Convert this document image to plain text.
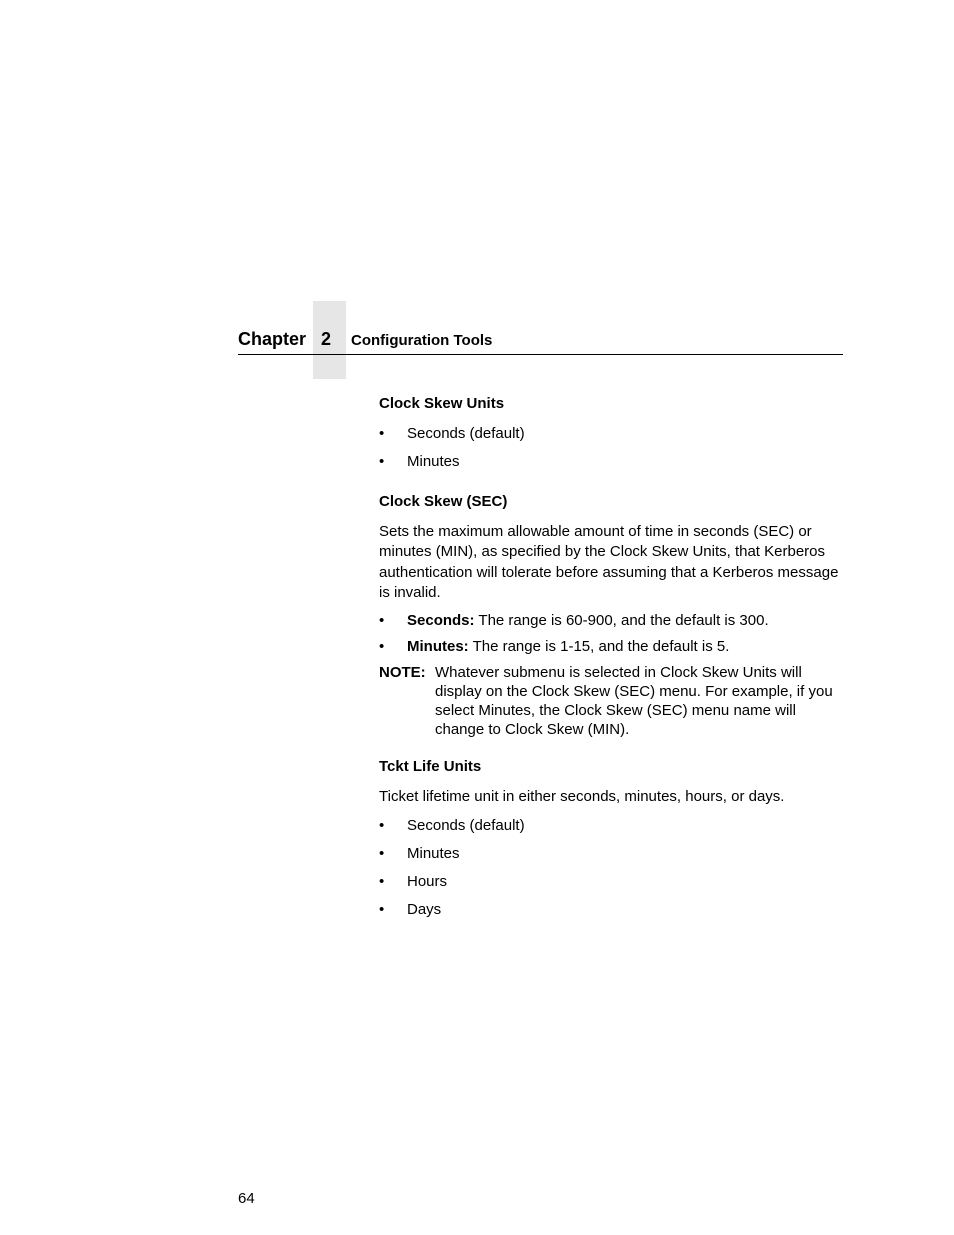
Chapter 2 Configuration Tools
Clock Skew Units
• Seconds (default)
• Minutes
Clock Skew (SEC)

Sets the maximum allowable amount of time in seconds (SEC) or minutes (MIN), as specified by the Clock Skew Units, that Kerberos authentication will tolerate before assuming that a Kerberos message is invalid.

• Seconds: The range is 60-900, and the default is 300.
• Minutes: The range is 1-15, and the default is 5.
NOTE: Whatever submenu is selected in Clock Skew Units will display on the Clock Skew (SEC) menu. For example, if you select Minutes, the Clock Skew (SEC) menu name will change to Clock Skew (MIN).
Tckt Life Units

Ticket lifetime unit in either seconds, minutes, hours, or days.

• Seconds (default)
• Minutes
• Hours
• Days
64
